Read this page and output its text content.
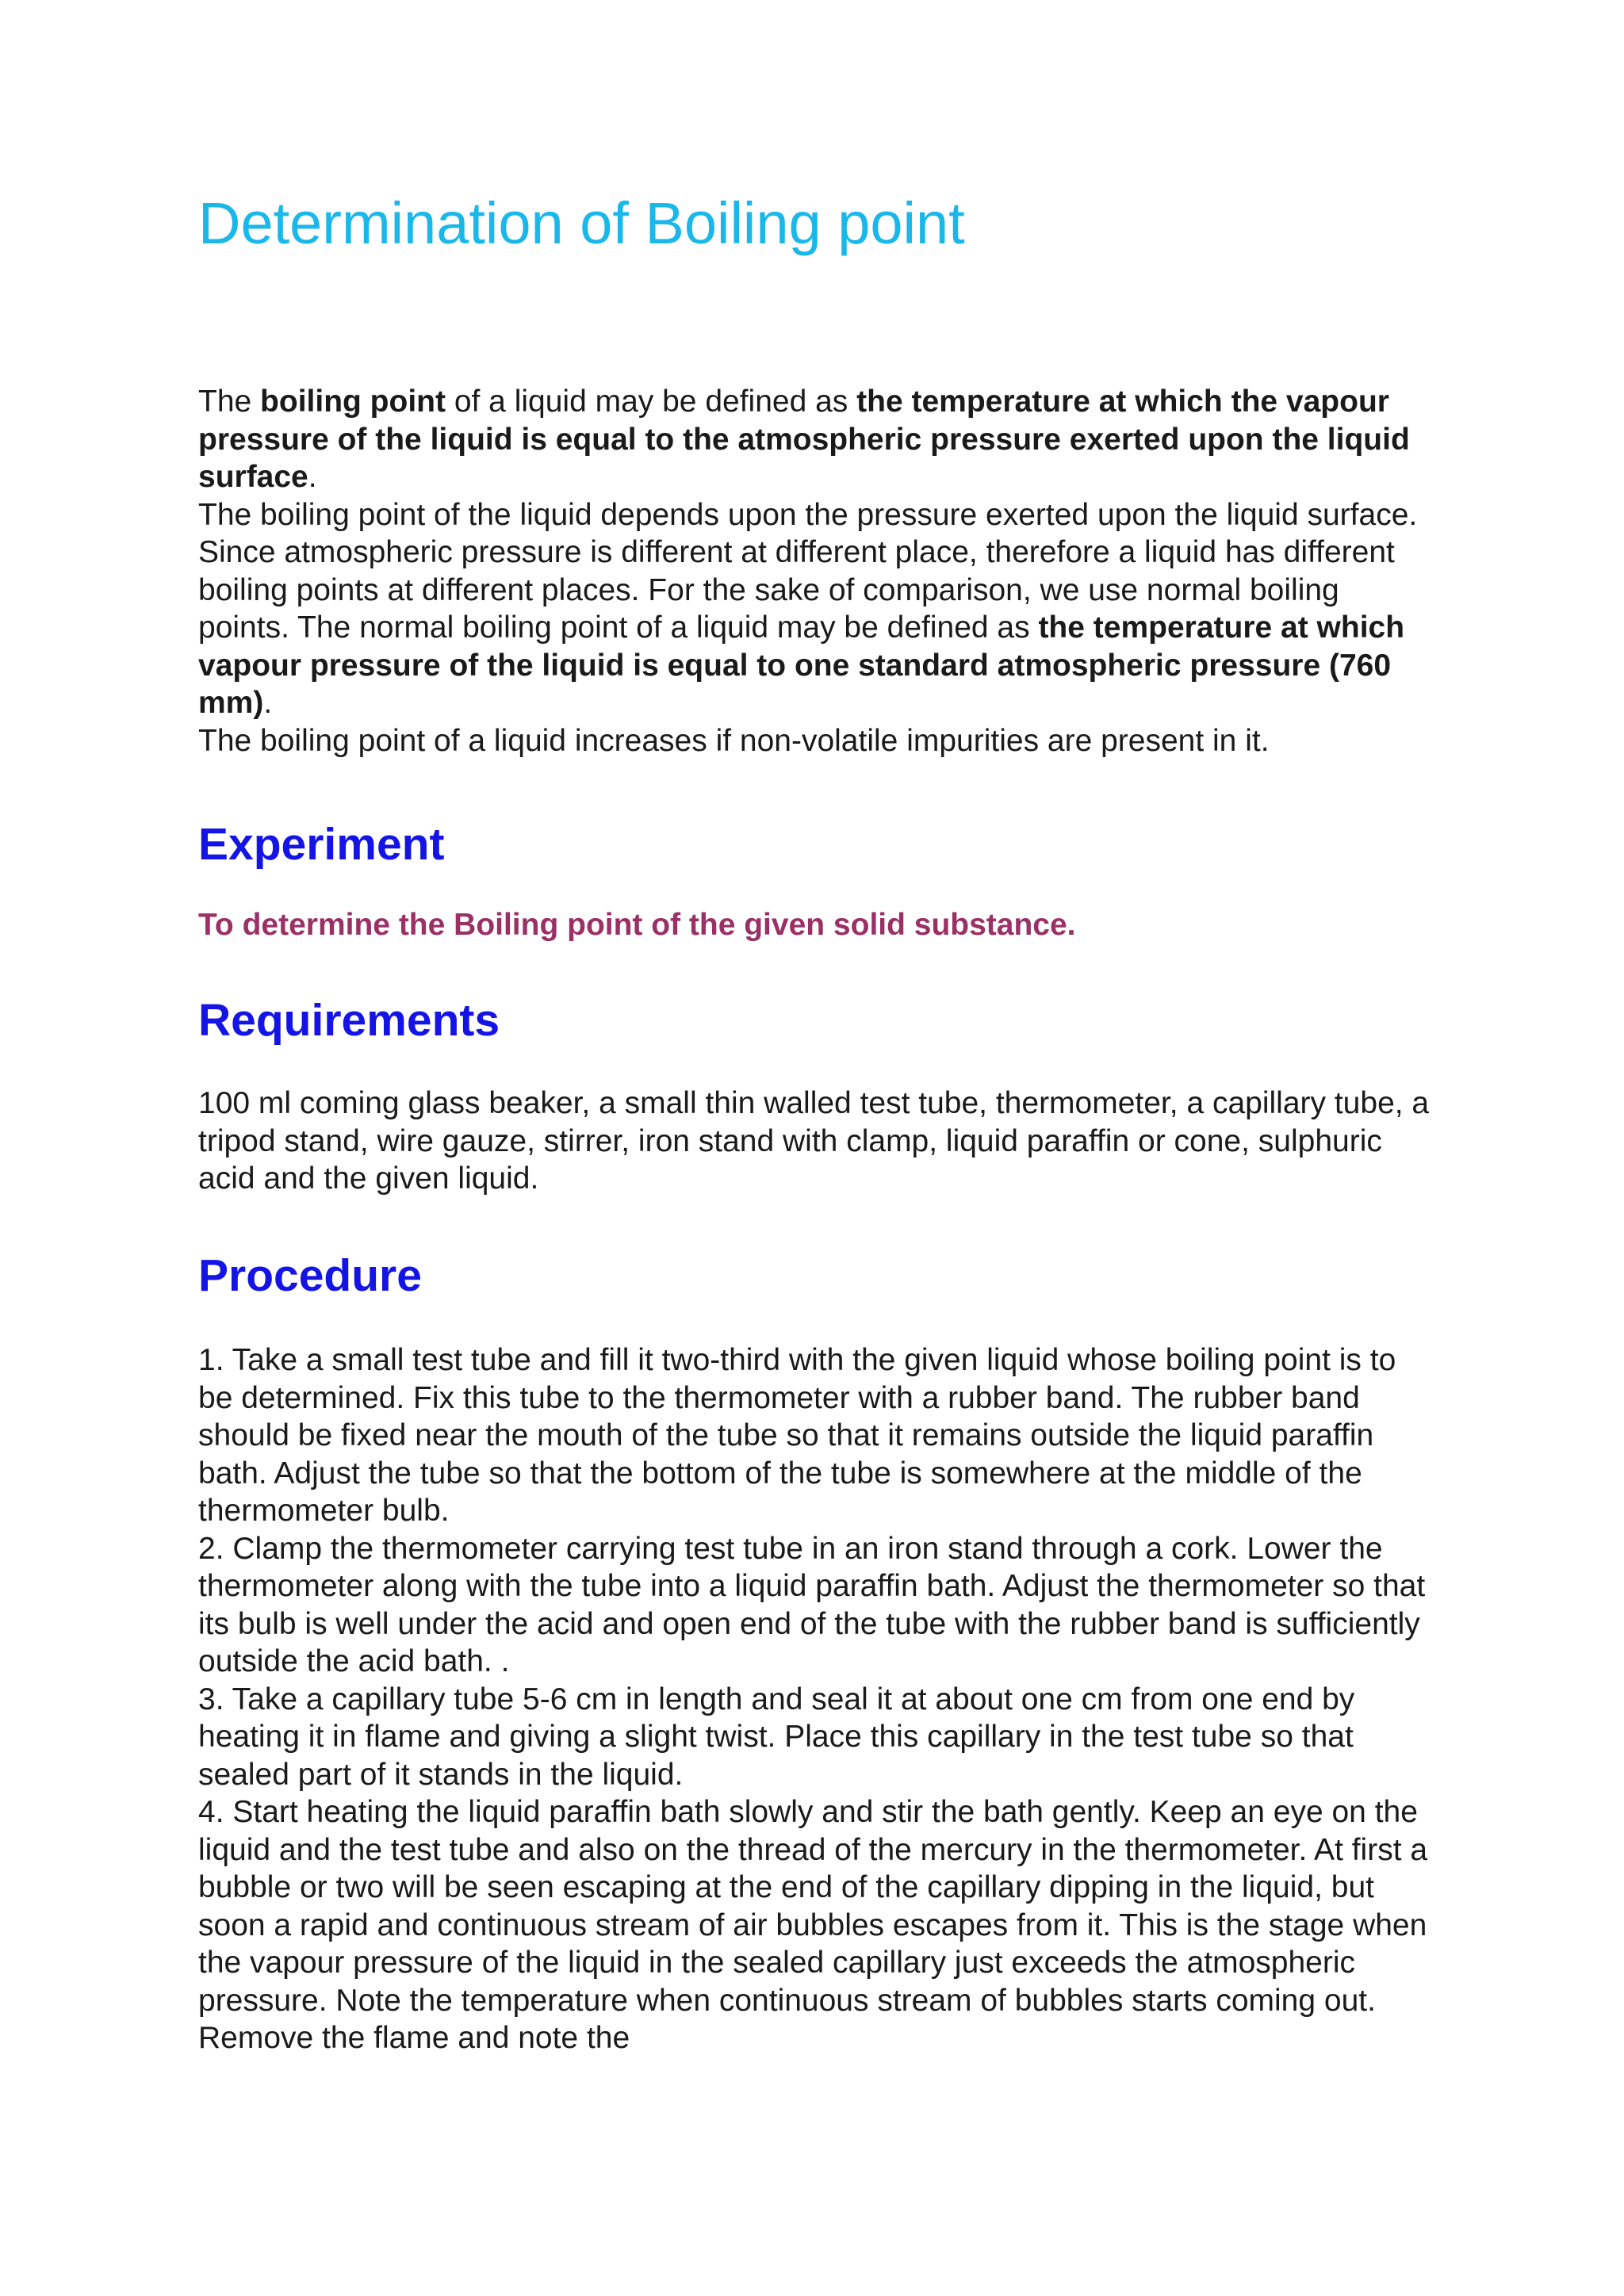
Determination of Boiling point

The boiling point of a liquid may be defined as the temperature at which the vapour pressure of the liquid is equal to the atmospheric pressure exerted upon the liquid surface.

The boiling point of the liquid depends upon the pressure exerted upon the liquid surface. Since atmospheric pressure is different at different place, therefore a liquid has different boiling points at different places. For the sake of comparison, we use normal boiling points. The normal boiling point of a liquid may be defined as the temperature at which vapour pressure of the liquid is equal to one standard atmospheric pressure (760 mm).

The boiling point of a liquid increases if non-volatile impurities are present in it.

Experiment

To determine the Boiling point of the given solid substance.

Requirements

100 ml coming glass beaker, a small thin walled test tube, thermometer, a capillary tube, a tripod stand, wire gauze, stirrer, iron stand with clamp, liquid paraffin or cone, sulphuric acid and the given liquid.

Procedure

1. Take a small test tube and fill it two-third with the given liquid whose boiling point is to be determined. Fix this tube to the thermometer with a rubber band. The rubber band should be fixed near the mouth of the tube so that it remains outside the liquid paraffin bath. Adjust the tube so that the bottom of the tube is somewhere at the middle of the thermometer bulb.

2. Clamp the thermometer carrying test tube in an iron stand through a cork. Lower the thermometer along with the tube into a liquid paraffin bath. Adjust the thermometer so that its bulb is well under the acid and open end of the tube with the rubber band is sufficiently outside the acid bath. .

3. Take a capillary tube 5-6 cm in length and seal it at about one cm from one end by heating it in flame and giving a slight twist. Place this capillary in the test tube so that sealed part of it stands in the liquid.

4. Start heating the liquid paraffin bath slowly and stir the bath gently. Keep an eye on the liquid and the test tube and also on the thread of the mercury in the thermometer. At first a bubble or two will be seen escaping at the end of the capillary dipping in the liquid, but soon a rapid and continuous stream of air bubbles escapes from it. This is the stage when the vapour pressure of the liquid in the sealed capillary just exceeds the atmospheric pressure. Note the temperature when continuous stream of bubbles starts coming out. Remove the flame and note the
